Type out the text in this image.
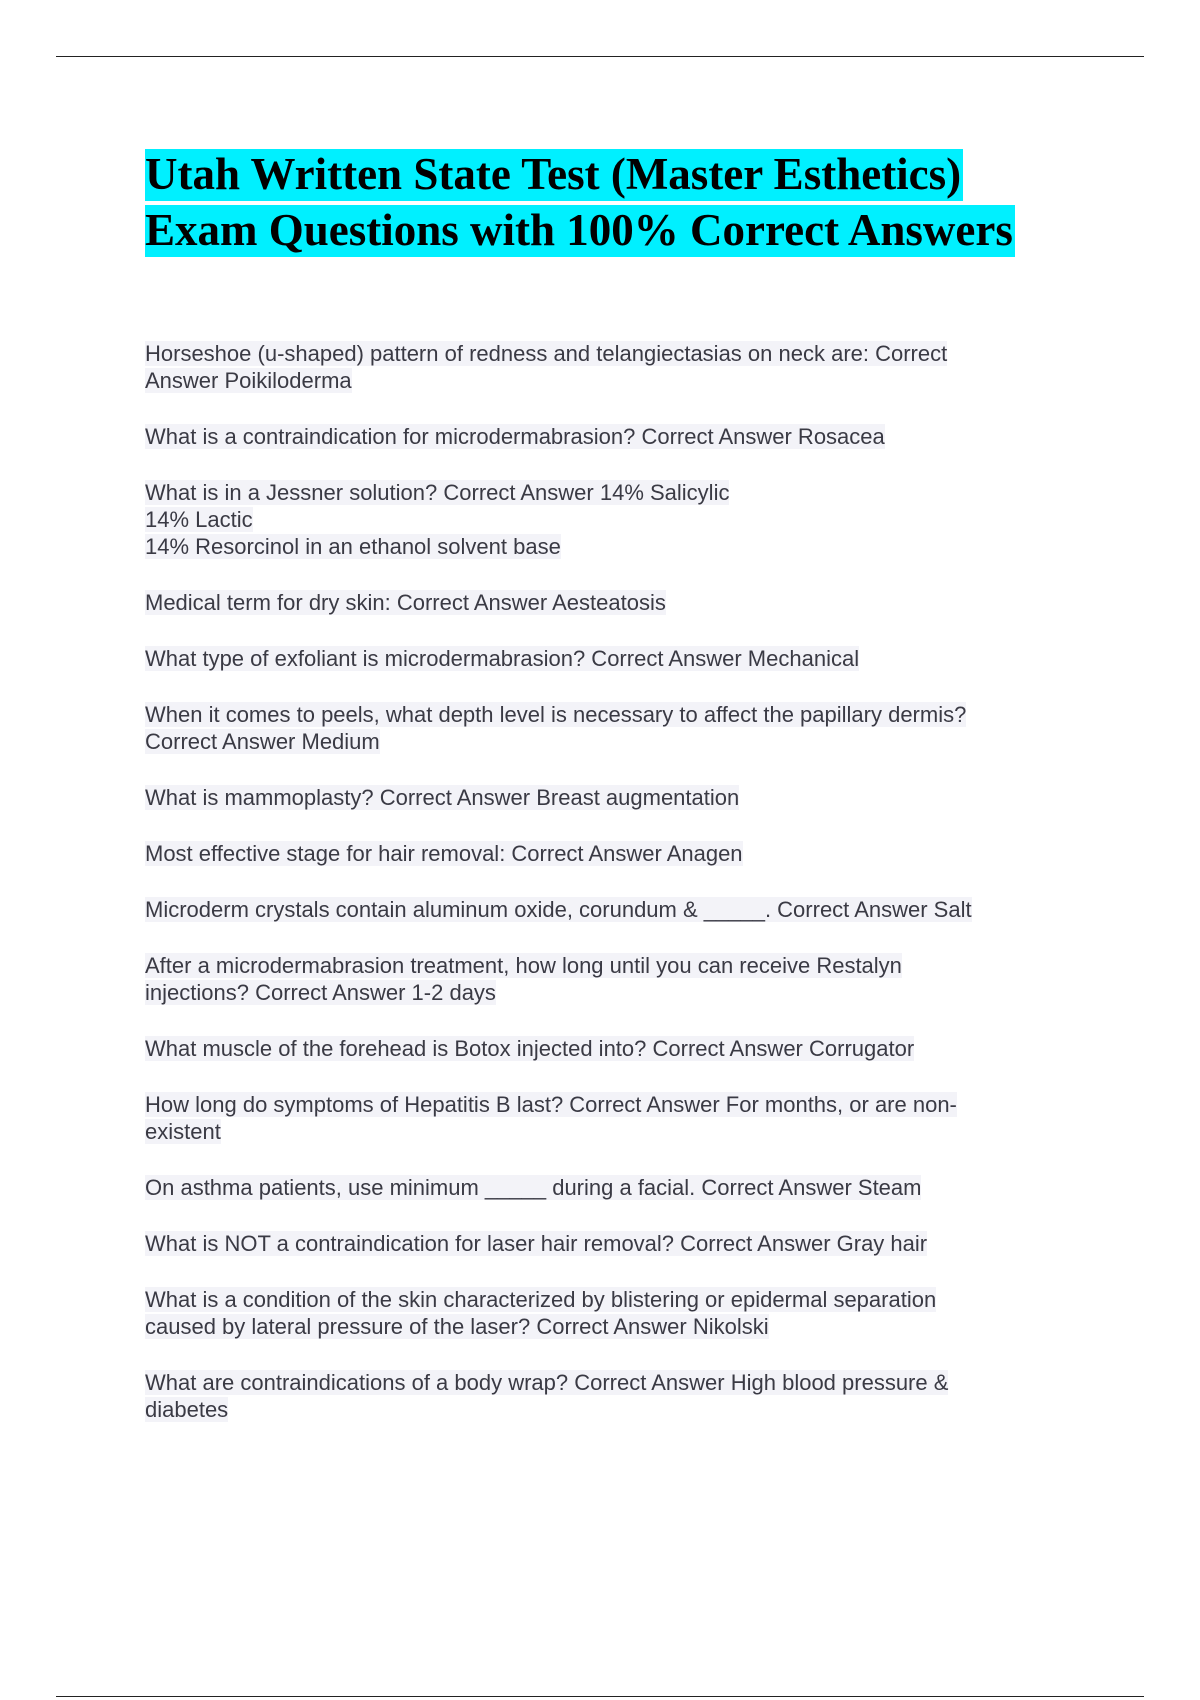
Utah Written State Test (Master Esthetics)
Exam Questions with 100% Correct Answers
Horseshoe (u-shaped) pattern of redness and telangiectasias on neck are: Correct
Answer Poikiloderma
What is a contraindication for microdermabrasion? Correct Answer Rosacea
What is in a Jessner solution? Correct Answer 14% Salicylic
14% Lactic
14% Resorcinol in an ethanol solvent base
Medical term for dry skin: Correct Answer Aesteatosis
What type of exfoliant is microdermabrasion? Correct Answer Mechanical
When it comes to peels, what depth level is necessary to affect the papillary dermis?
Correct Answer Medium
What is mammoplasty? Correct Answer Breast augmentation
Most effective stage for hair removal: Correct Answer Anagen
Microderm crystals contain aluminum oxide, corundum & _____. Correct Answer Salt
After a microdermabrasion treatment, how long until you can receive Restalyn
injections? Correct Answer 1-2 days
What muscle of the forehead is Botox injected into? Correct Answer Corrugator
How long do symptoms of Hepatitis B last? Correct Answer For months, or are non-
existent
On asthma patients, use minimum _____ during a facial. Correct Answer Steam
What is NOT a contraindication for laser hair removal? Correct Answer Gray hair
What is a condition of the skin characterized by blistering or epidermal separation
caused by lateral pressure of the laser? Correct Answer Nikolski
What are contraindications of a body wrap? Correct Answer High blood pressure &
diabetes
